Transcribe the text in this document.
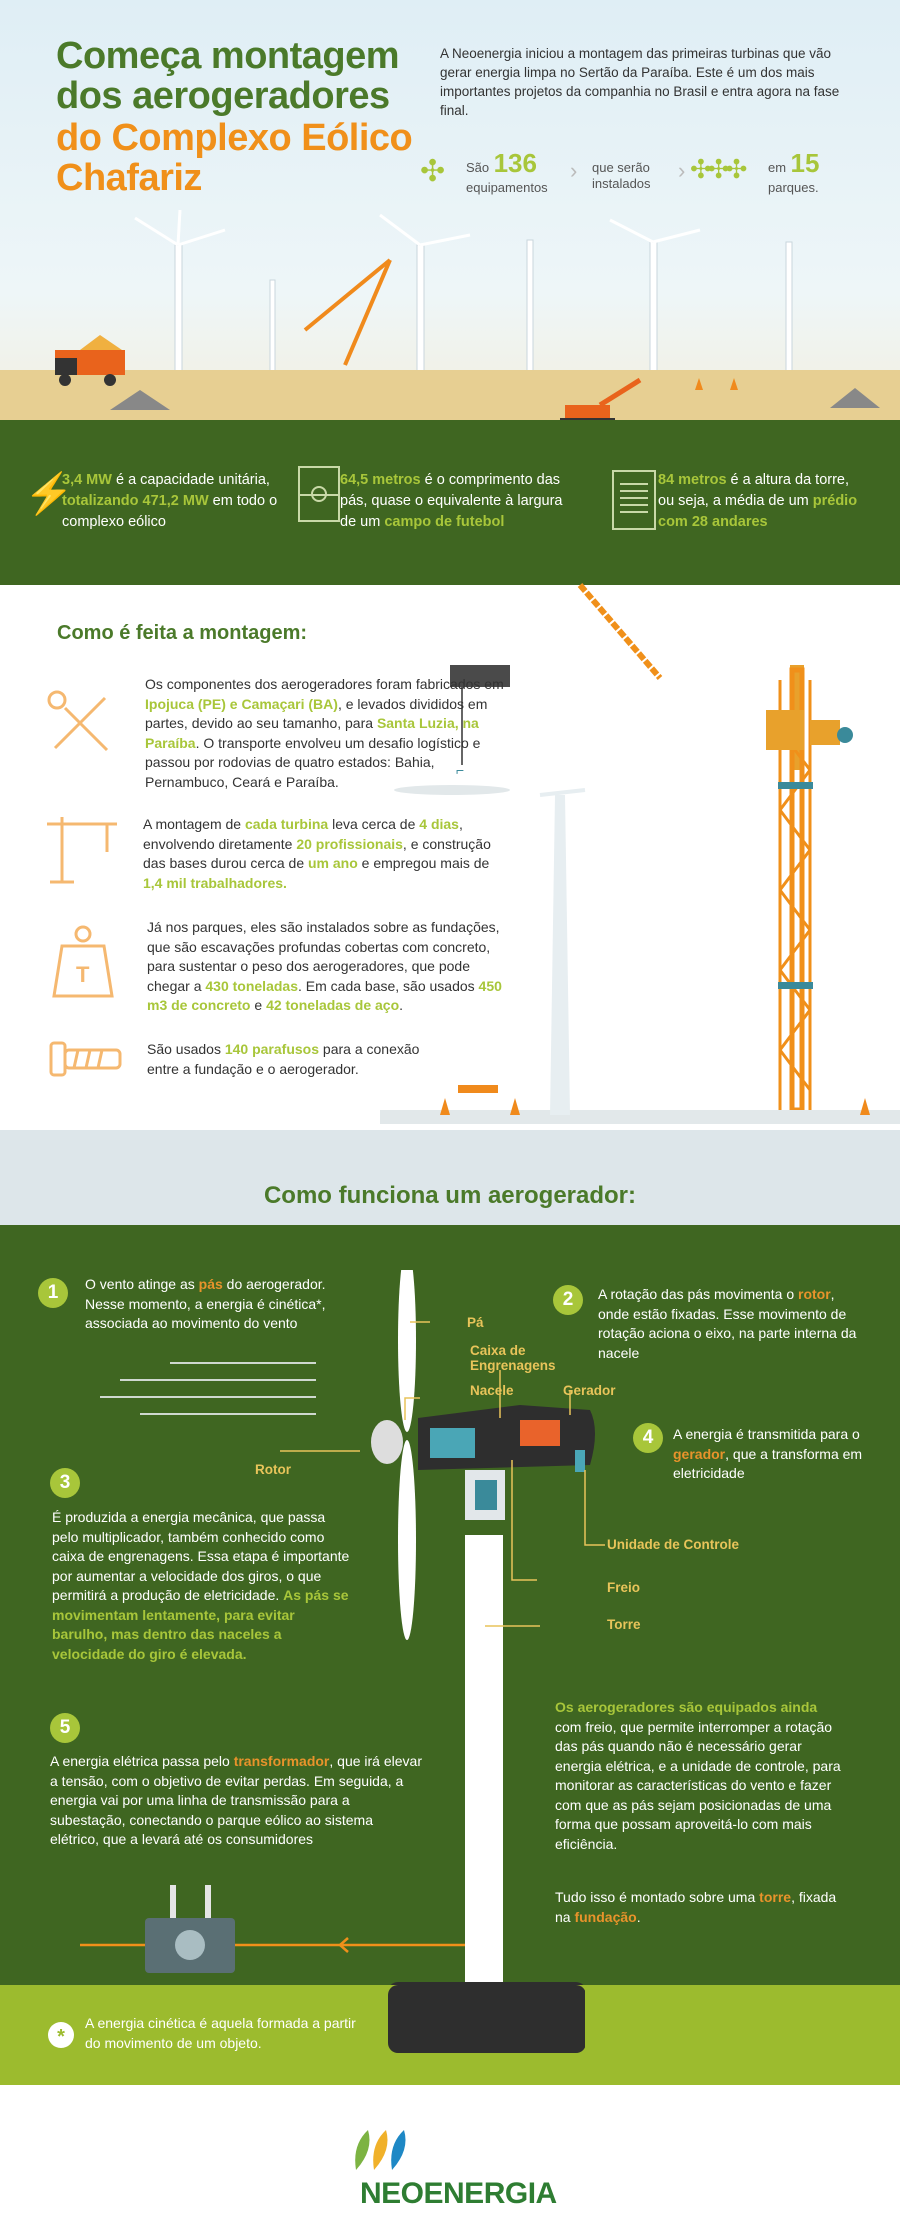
Começa montagem dos aerogeradores
do Complexo Eólico Chafariz
A Neoenergia iniciou a montagem das primeiras turbinas que vão gerar energia limpa no Sertão da Paraíba. Este é um dos mais importantes projetos da companhia no Brasil e entra agora na fase final.
✣ São 136
equipamentos
› que serão instalados
› ✣✣✣ em 15
parques.
⚡
3,4 MW é a capacidade unitária, totalizando 471,2 MW em todo o complexo eólico
64,5 metros é o comprimento das pás, quase o equivalente à largura de um campo de futebol
84 metros é a altura da torre, ou seja, a média de um prédio com 28 andares
⌐
Como é feita a montagem:
Os componentes dos aerogeradores foram fabricados em Ipojuca (PE) e Camaçari (BA), e levados divididos em partes, devido ao seu tamanho, para Santa Luzia, na Paraíba. O transporte envolveu um desafio logístico e passou por rodovias de quatro estados: Bahia, Pernambuco, Ceará e Paraíba.
A montagem de cada turbina leva cerca de 4 dias, envolvendo diretamente 20 profissionais, e construção das bases durou cerca de um ano e empregou mais de 1,4 mil trabalhadores.
T
Já nos parques, eles são instalados sobre as fundações, que são escavações profundas cobertas com concreto, para sustentar o peso dos aerogeradores, que pode chegar a 430 toneladas. Em cada base, são usados 450 m3 de concreto e 42 toneladas de aço.
São usados 140 parafusos para a conexão entre a fundação e o aerogerador.
Como funciona um aerogerador:
1	O vento atinge as pás do aerogerador. Nesse momento, a energia é cinética*, associada ao movimento do vento
2	A rotação das pás movimenta o rotor, onde estão fixadas. Esse movimento de rotação aciona o eixo, na parte interna da nacele
4	A energia é transmitida para o gerador, que a transforma em eletricidade
3
É produzida a energia mecânica, que passa pelo multiplicador, também conhecido como caixa de engrenagens. Essa etapa é importante por aumentar a velocidade dos giros, o que permitirá a produção de eletricidade. As pás se movimentam lentamente, para evitar barulho, mas dentro das naceles a velocidade do giro é elevada.
5
A energia elétrica passa pelo transformador, que irá elevar a tensão, com o objetivo de evitar perdas. Em seguida, a energia vai por uma linha de transmissão para a subestação, conectando o parque eólico ao sistema elétrico, que a levará até os consumidores
Os aerogeradores são equipados ainda com freio, que permite interromper a rotação das pás quando não é necessário gerar energia elétrica, e a unidade de controle, para monitorar as características do vento e fazer com que as pás sejam posicionadas de uma forma que possam aproveitá-lo com mais eficiência.
Tudo isso é montado sobre uma torre, fixada na fundação.
Pá
Caixa de Engrenagens
Nacele	Gerador
Rotor
Unidade de Controle
Freio
Torre
*
A energia cinética é aquela formada a partir do movimento de um objeto.
NEOENERGIA
